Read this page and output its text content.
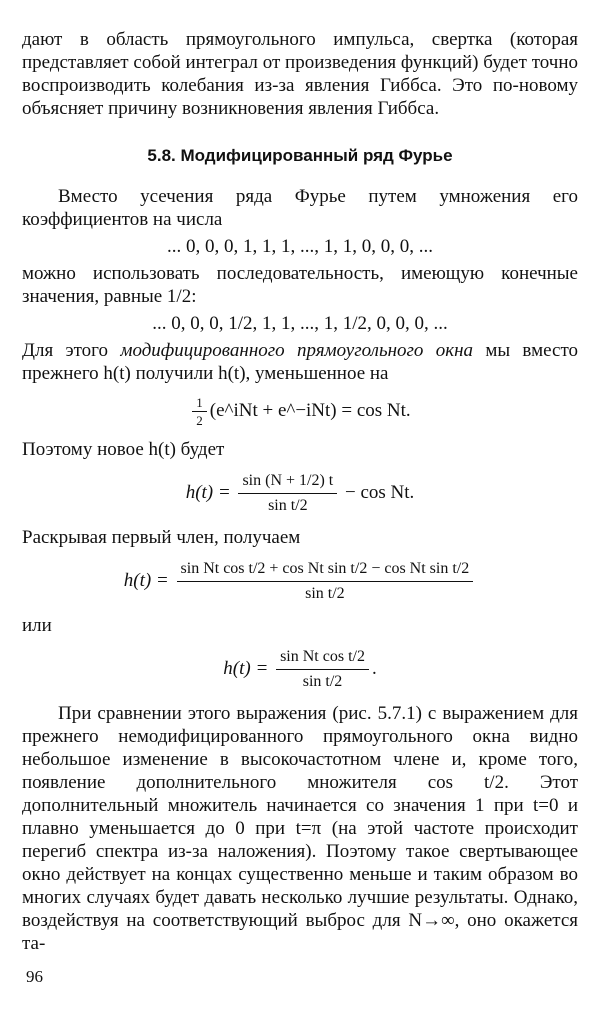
дают в область прямоугольного импульса, свертка (которая представляет собой интеграл от произведения функций) будет точно воспроизводить колебания из-за явления Гиббса. Это по-новому объясняет причину возникновения явления Гиббса.

5.8. Модифицированный ряд Фурье

Вместо усечения ряда Фурье путем умножения его коэффициентов на числа

... 0, 0, 0, 1, 1, 1, ..., 1, 1, 0, 0, 0, ...

можно использовать последовательность, имеющую конечные значения, равные 1/2:

... 0, 0, 0, 1/2, 1, 1, ..., 1, 1/2, 0, 0, 0, ...

Для этого модифицированного прямоугольного окна мы вместо прежнего h(t) получили h(t), уменьшенное на

$\frac{1}{2}$ (e^iNt + e^−iNt) = cos Nt.

Поэтому новое h(t) будет

$h(t) = \frac{\sin (N + 1/2) t}{\text{sin t/2}} - \cos Nt$.

Раскрывая первый член, получаем

$h(t) = \frac{\text{sin Nt cos t/2 + cos Nt sin t/2 − cos Nt sin t/2}}{\text{sin t/2}}$

или

$h(t) = \frac{\text{sin Nt cos t/2}}{\text{sin t/2}}$ .

При сравнении этого выражения (рис. 5.7.1) с выражением для прежнего немодифицированного прямоугольного окна видно небольшое изменение в высокочастотном члене и, кроме того, появление дополнительного множителя cos t/2. Этот дополнительный множитель начинается со значения 1 при t=0 и плавно уменьшается до 0 при t=π (на этой частоте происходит перегиб спектра из-за наложения). Поэтому такое свертывающее окно действует на концах существенно меньше и таким образом во многих случаях будет давать несколько лучшие результаты. Однако, воздействуя на соответствующий выброс для N→∞, оно окажется та-

96
